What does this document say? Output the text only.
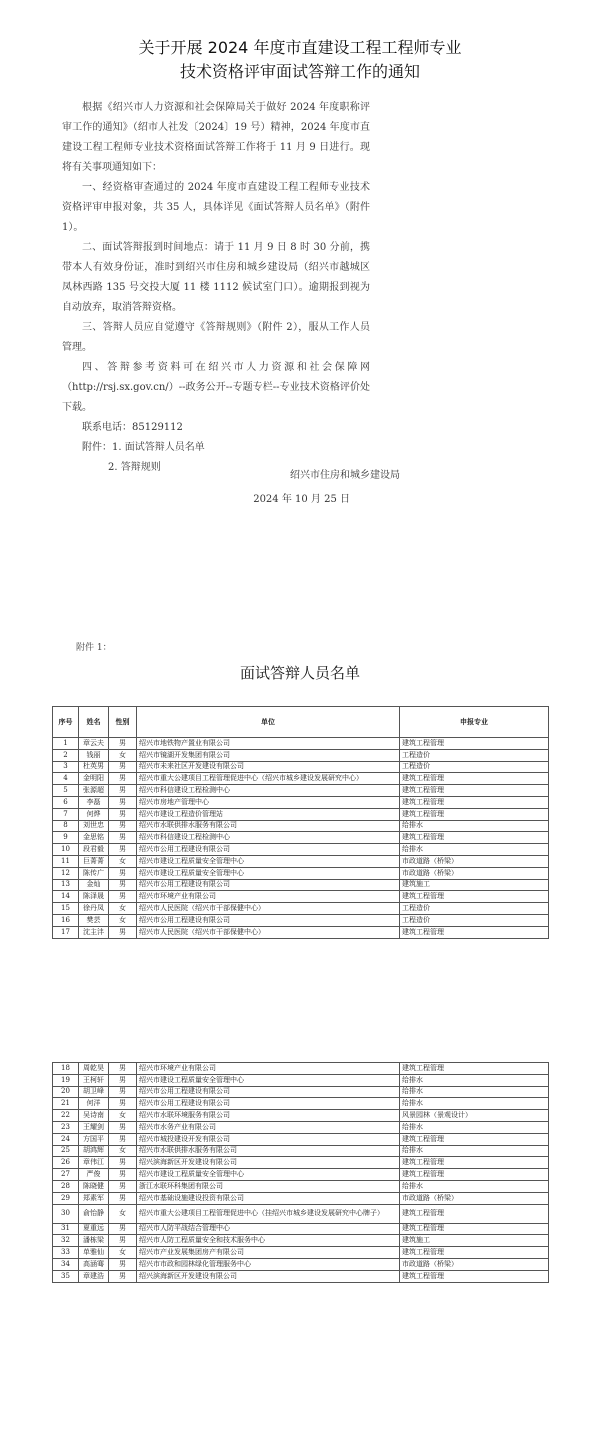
关于开展 2024 年度市直建设工程工程师专业
技术资格评审面试答辩工作的通知

根据《绍兴市人力资源和社会保障局关于做好 2024 年度职称评审工作的通知》（绍市人社发〔2024〕19 号）精神，2024 年度市直建设工程工程师专业技术资格面试答辩工作将于 11 月 9 日进行。现将有关事项通知如下：

一、经资格审查通过的 2024 年度市直建设工程工程师专业技术资格评审申报对象，共 35 人，具体详见《面试答辩人员名单》（附件 1）。

二、面试答辩报到时间地点：请于 11 月 9 日 8 时 30 分前，携带本人有效身份证，准时到绍兴市住房和城乡建设局（绍兴市越城区凤林西路 135 号交投大厦 11 楼 1112 候试室门口）。逾期报到视为自动放弃，取消答辩资格。

三、答辩人员应自觉遵守《答辩规则》（附件 2），服从工作人员管理。

四、答辩参考资料可在绍兴市人力资源和社会保障网（http://rsj.sx.gov.cn/）--政务公开--专题专栏--专业技术资格评价处下载。

联系电话：85129112
附件：1. 面试答辩人员名单
2. 答辩规则
绍兴市住房和城乡建设局
2024 年 10 月 25 日
附件 1：
面试答辩人员名单
序号	姓名	性别	单位	申报专业
1	章云夫	男	绍兴市地铁物产置业有限公司	建筑工程管理
2	钱丽	女	绍兴市镜湖开发集团有限公司	工程造价
3	杜英男	男	绍兴市未来社区开发建设有限公司	工程造价
4	金明阳	男	绍兴市重大公建项目工程管理促进中心（绍兴市城乡建设发展研究中心）	建筑工程管理
5	张源超	男	绍兴市科信建设工程检测中心	建筑工程管理
6	李磊	男	绍兴市房地产管理中心	建筑工程管理
7	何烨	男	绍兴市建设工程造价管理站	建筑工程管理
8	刘世忠	男	绍兴市水联供排水服务有限公司	给排水
9	金思铭	男	绍兴市科信建设工程检测中心	建筑工程管理
10	段君毅	男	绍兴市公用工程建设有限公司	给排水
11	巨菁菁	女	绍兴市建设工程质量安全管理中心	市政道路（桥梁）
12	陈传广	男	绍兴市建设工程质量安全管理中心	市政道路（桥梁）
13	金灿	男	绍兴市公用工程建设有限公司	建筑施工
14	陈泽晟	男	绍兴市环境产业有限公司	建筑工程管理
15	徐丹凤	女	绍兴市人民医院（绍兴市干部保健中心）	工程造价
16	樊芸	女	绍兴市公用工程建设有限公司	工程造价
17	沈主沣	男	绍兴市人民医院（绍兴市干部保健中心）	建筑工程管理
18	周乾昊	男	绍兴市环境产业有限公司	建筑工程管理
19	王柯轩	男	绍兴市建设工程质量安全管理中心	给排水
20	胡卫峰	男	绍兴市公用工程建设有限公司	给排水
21	何洋	男	绍兴市公用工程建设有限公司	给排水
22	吴诗南	女	绍兴市水联环境服务有限公司	风景园林（景观设计）
23	王耀剑	男	绍兴市水务产业有限公司	给排水
24	方国平	男	绍兴市城投建设开发有限公司	建筑工程管理
25	胡鸿辉	女	绍兴市水联供排水服务有限公司	给排水
26	章伟江	男	绍兴滨海新区开发建设有限公司	建筑工程管理
27	严俊	男	绍兴市建设工程质量安全管理中心	建筑工程管理
28	陈晓健	男	浙江水联环科集团有限公司	给排水
29	郑素军	男	绍兴市基础设施建设投资有限公司	市政道路（桥梁）
30	俞怡静	女	绍兴市重大公建项目工程管理促进中心（挂绍兴市城乡建设发展研究中心牌子）	建筑工程管理
31	夏重远	男	绍兴市人防平战结合管理中心	建筑工程管理
32	潘栋梁	男	绍兴市人防工程质量安全和技术服务中心	建筑施工
33	单雅仙	女	绍兴市产业发展集团房产有限公司	建筑工程管理
34	高涵骞	男	绍兴市市政和园林绿化管理服务中心	市政道路（桥梁）
35	章建浩	男	绍兴滨海新区开发建设有限公司	建筑工程管理
